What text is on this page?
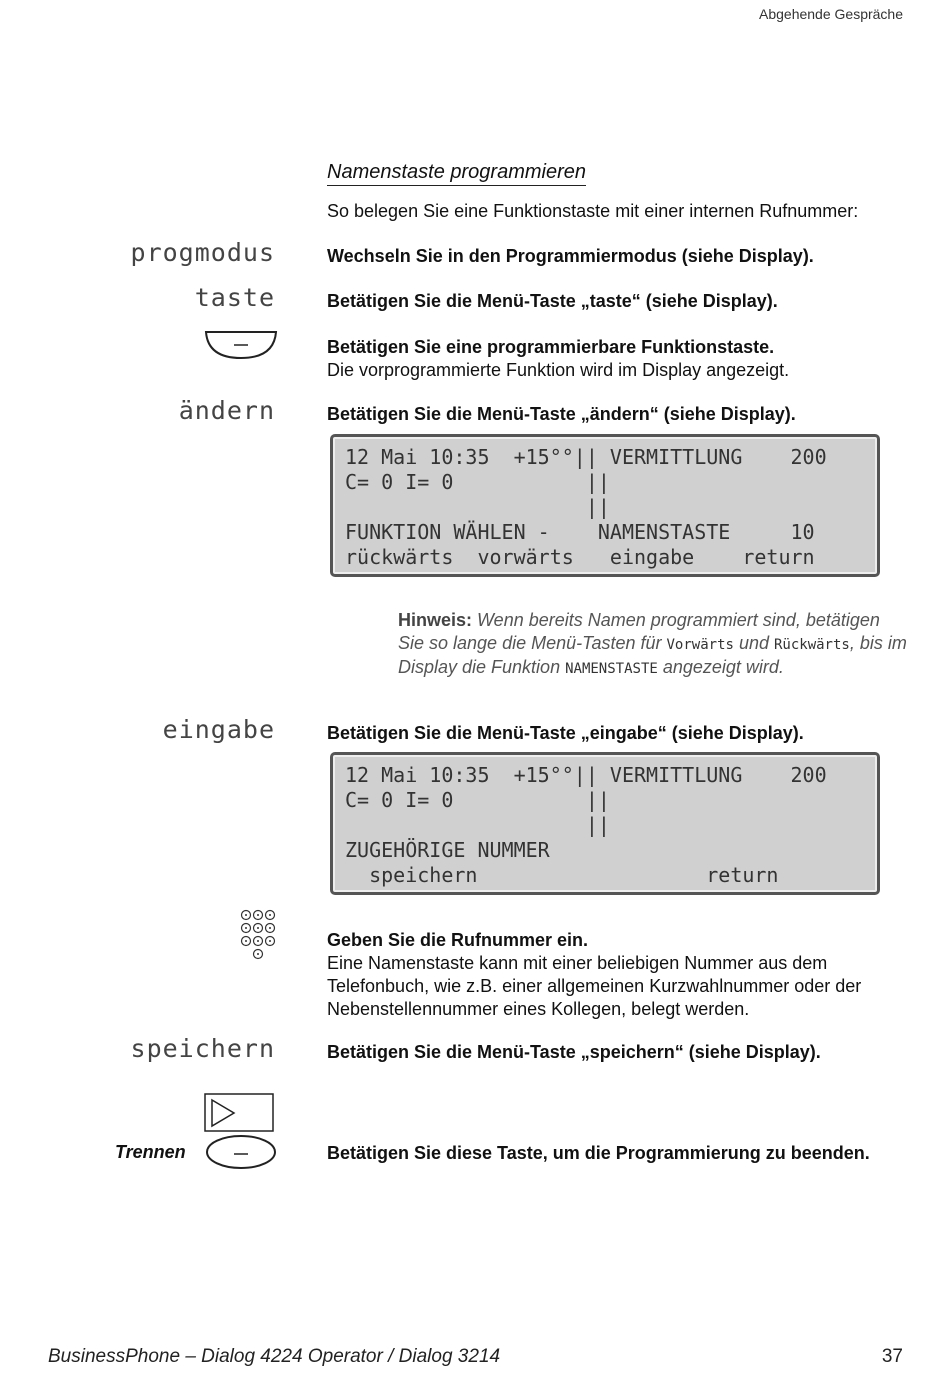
Abgehende Gespräche
Namenstaste programmieren
So belegen Sie eine Funktionstaste mit einer internen Rufnummer:
progmodus	Wechseln Sie in den Programmiermodus (siehe Display).
taste	Betätigen Sie die Menü-Taste „taste“ (siehe Display).
Betätigen Sie eine programmierbare Funktionstaste.
Die vorprogrammierte Funktion wird im Display angezeigt.
ändern	Betätigen Sie die Menü-Taste „ändern“ (siehe Display).
12 Mai 10:35  +15°°|| VERMITTLUNG    200
C= 0 I= 0           ||
||
FUNKTION WÄHLEN -    NAMENSTASTE     10
rückwärts  vorwärts   eingabe    return
Hinweis: Wenn bereits Namen programmiert sind, betätigen Sie so lange die Menü-Tasten für Vorwärts und Rückwärts, bis im Display die Funktion NAMENSTASTE angezeigt wird.
eingabe	Betätigen Sie die Menü-Taste „eingabe“ (siehe Display).
12 Mai 10:35  +15°°|| VERMITTLUNG    200
C= 0 I= 0           ||
||
ZUGEHÖRIGE NUMMER
speichern                   return
Geben Sie die Rufnummer ein.
Eine Namenstaste kann mit einer beliebigen Nummer aus dem Telefonbuch, wie z.B. einer allgemeinen Kurzwahlnummer oder der Nebenstellennummer eines Kollegen, belegt werden.
speichern	Betätigen Sie die Menü-Taste „speichern“ (siehe Display).
Trennen	Betätigen Sie diese Taste, um die Programmierung zu beenden.
BusinessPhone – Dialog 4224 Operator / Dialog 3214	37
